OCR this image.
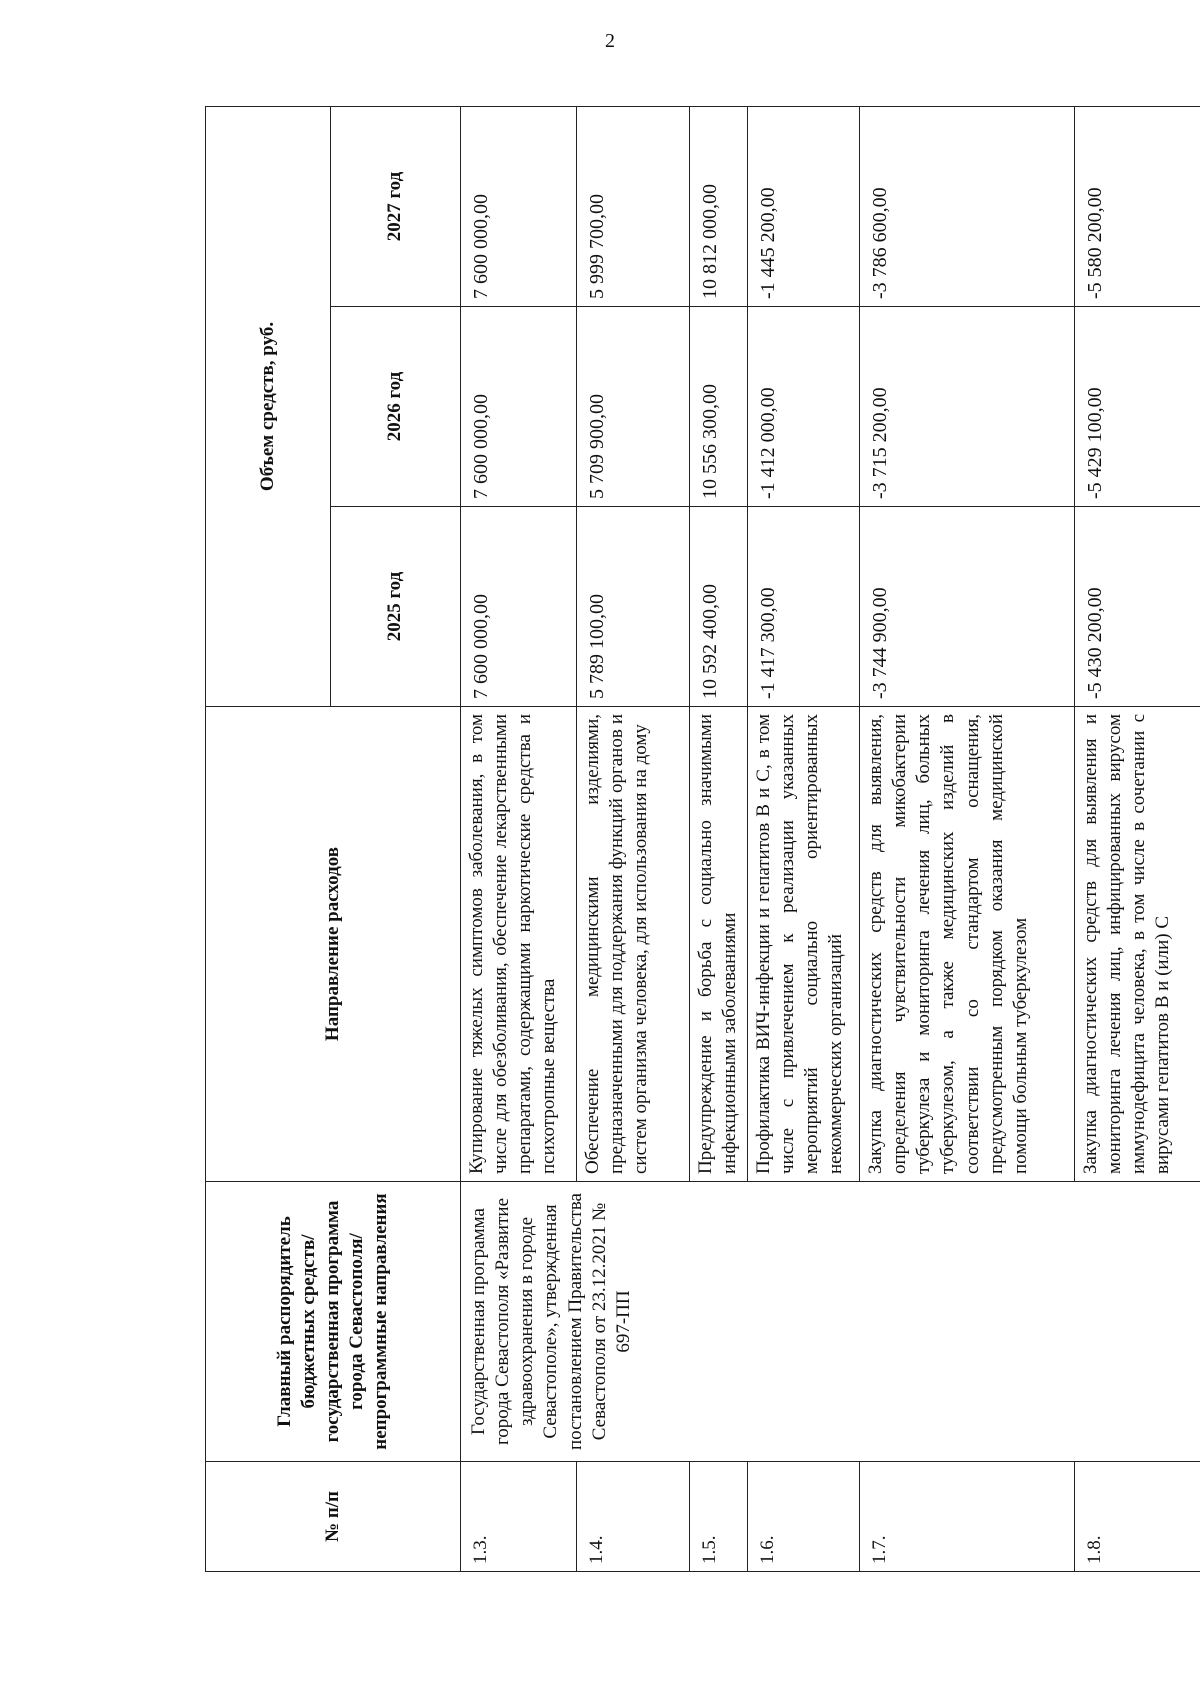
2
№ п/п	Главный распорядитель бюджетных средств/государственная программа города Севастополя/непрограммные направления	Направление расходов	Объем средств, руб.		
			2025 год	2026 год	2027 год
1.3.	Государственная программа города Севастополя «Развитие здравоохранения в городе Севастополе», утвержденная постановлением Правительства Севастополя от 23.12.2021 № 697-ПП	Купирование тяжелых симптомов заболевания, в том числе для обезболивания, обеспечение лекарственными препаратами, содержащими наркотические средства и психотропные вещества	7 600 000,00	7 600 000,00	7 600 000,00
1.4.		Обеспечение медицинскими изделиями, предназначенными для поддержания функций органов и систем организма человека, для использования на дому	5 789 100,00	5 709 900,00	5 999 700,00
1.5.		Предупреждение и борьба с социально значимыми инфекционными заболеваниями	10 592 400,00	10 556 300,00	10 812 000,00
1.6.		Профилактика ВИЧ-инфекции и гепатитов В и С, в том числе с привлечением к реализации указанных мероприятий социально ориентированных некоммерческих организаций	-1 417 300,00	-1 412 000,00	-1 445 200,00
1.7.		Закупка диагностических средств для выявления, определения чувствительности микобактерии туберкулеза и мониторинга лечения лиц, больных туберкулезом, а также медицинских изделий в соответствии со стандартом оснащения, предусмотренным порядком оказания медицинской помощи больным туберкулезом	-3 744 900,00	-3 715 200,00	-3 786 600,00
1.8.		Закупка диагностических средств для выявления и мониторинга лечения лиц, инфицированных вирусом иммунодефицита человека, в том числе в сочетании с вирусами гепатитов В и (или) С	-5 430 200,00	-5 429 100,00	-5 580 200,00
